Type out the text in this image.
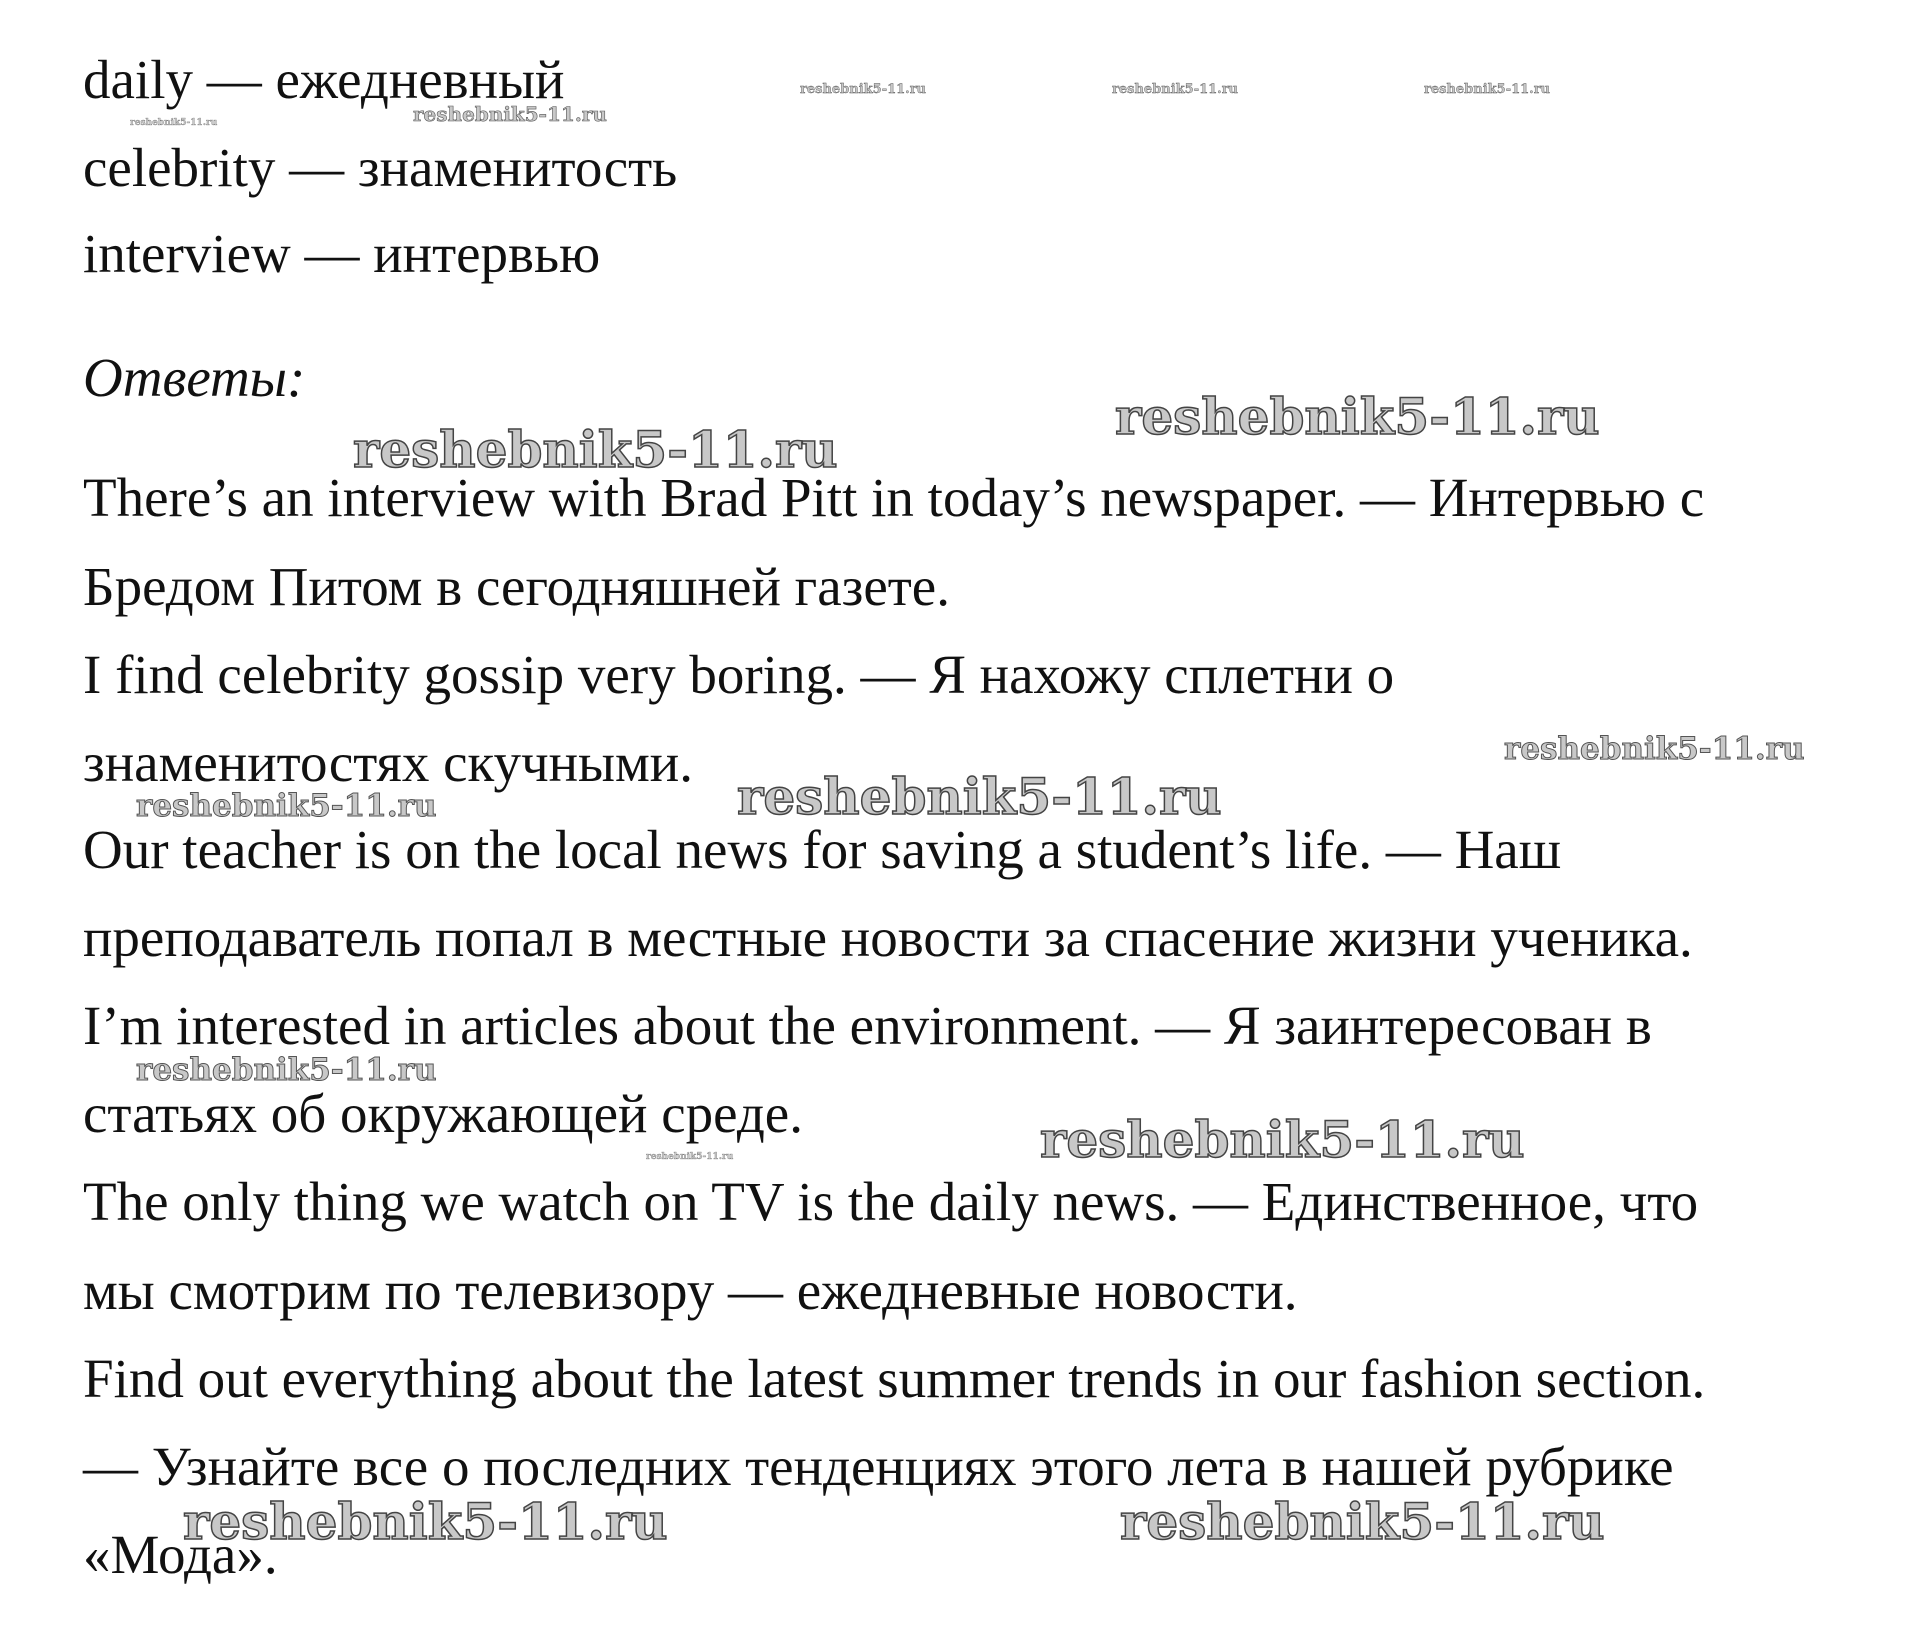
daily — ежедневный

celebrity — знаменитость

interview — интервью

Ответы:

There’s an interview with Brad Pitt in today’s newspaper. — Интервью с

Бредом Питом в сегодняшней газете.

I find celebrity gossip very boring. — Я нахожу сплетни о

знаменитостях скучными.

Our teacher is on the local news for saving a student’s life. — Наш

преподаватель попал в местные новости за спасение жизни ученика.

I’m interested in articles about the environment. — Я заинтересован в

статьях об окружающей среде.

The only thing we watch on TV is the daily news. — Единственное, что

мы смотрим по телевизору — ежедневные новости.

Find out everything about the latest summer trends in our fashion section.

— Узнайте все о последних тенденциях этого лета в нашей рубрике

«Мода».

reshebnik5-11.ru	reshebnik5-11.ru	reshebnik5-11.ru
reshebnik5-11.ru	reshebnik5-11.ru
reshebnik5-11.ru
reshebnik5-11.ru
reshebnik5-11.ru
reshebnik5-11.ru
reshebnik5-11.ru
reshebnik5-11.ru
reshebnik5-11.ru
reshebnik5-11.ru
reshebnik5-11.ru	reshebnik5-11.ru
